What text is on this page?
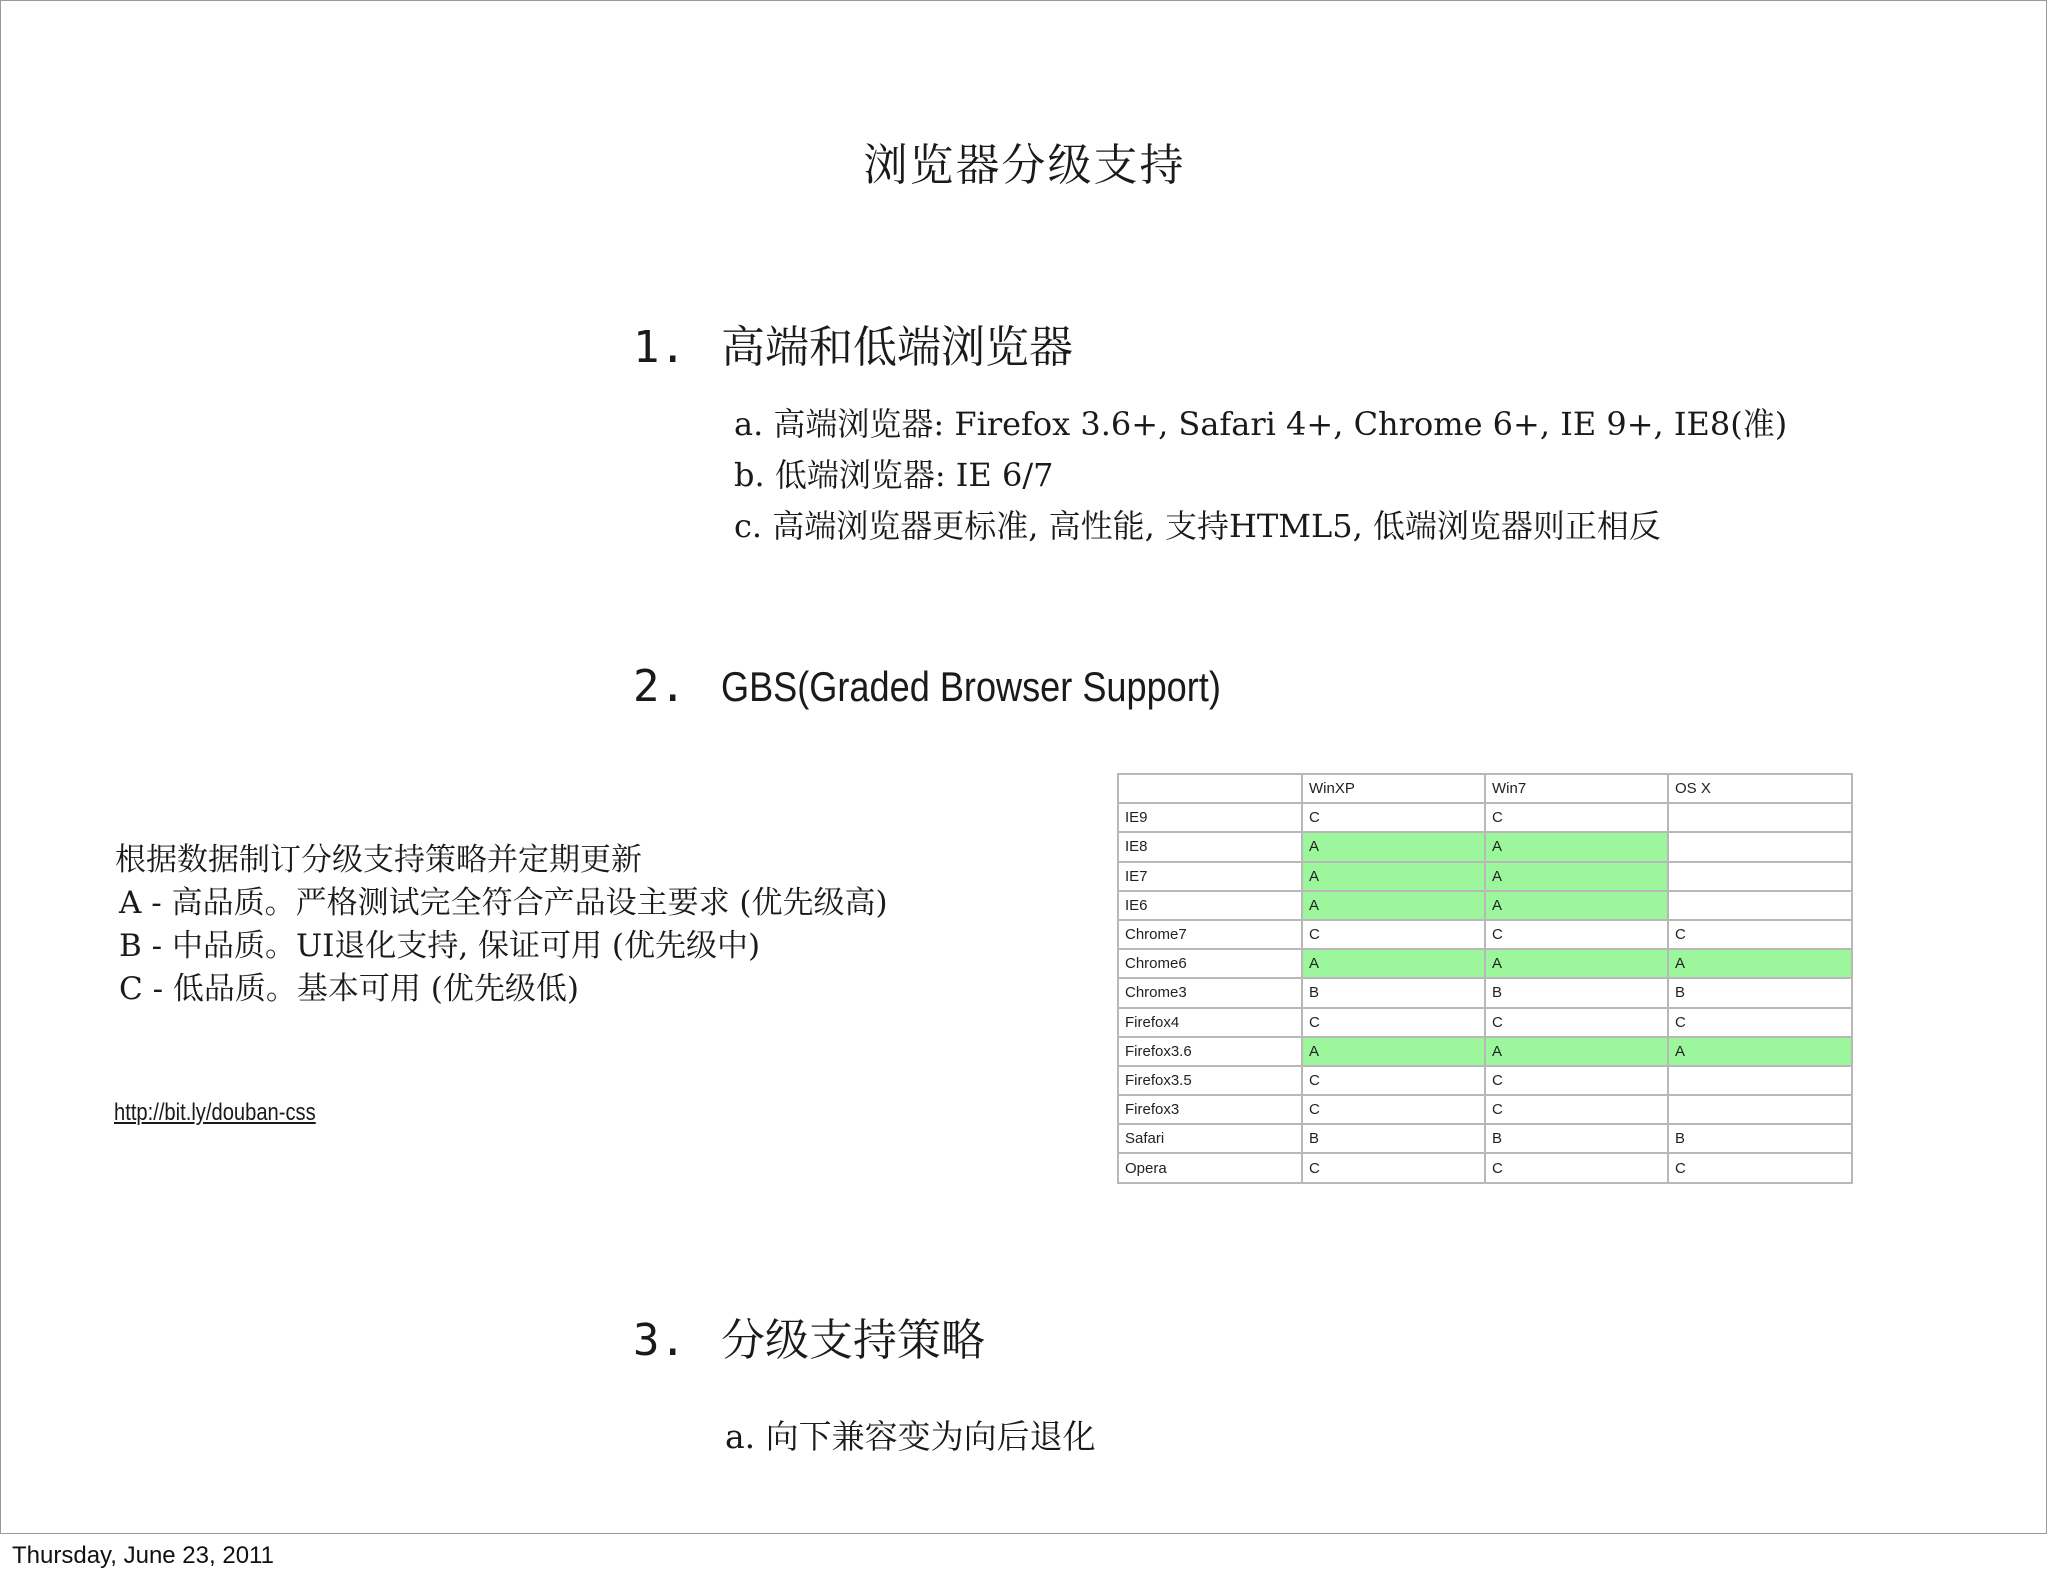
浏览器分级支持
1. 高端和低端浏览器
a. 高端浏览器: Firefox 3.6+, Safari 4+, Chrome 6+, IE 9+, IE8(准)
b. 低端浏览器: IE 6/7
c. 高端浏览器更标准, 高性能, 支持HTML5, 低端浏览器则正相反
2. GBS(Graded Browser Support)
根据数据制订分级支持策略并定期更新
A - 高品质。严格测试完全符合产品设主要求 (优先级高)
B - 中品质。UI退化支持, 保证可用 (优先级中)
C - 低品质。基本可用 (优先级低)
http://bit.ly/douban-css
	WinXP	Win7	OS X
IE9	C	C	
IE8	A	A	
IE7	A	A	
IE6	A	A	
Chrome7	C	C	C
Chrome6	A	A	A
Chrome3	B	B	B
Firefox4	C	C	C
Firefox3.6	A	A	A
Firefox3.5	C	C	
Firefox3	C	C	
Safari	B	B	B
Opera	C	C	C
3. 分级支持策略
a. 向下兼容变为向后退化
Thursday, June 23, 2011
